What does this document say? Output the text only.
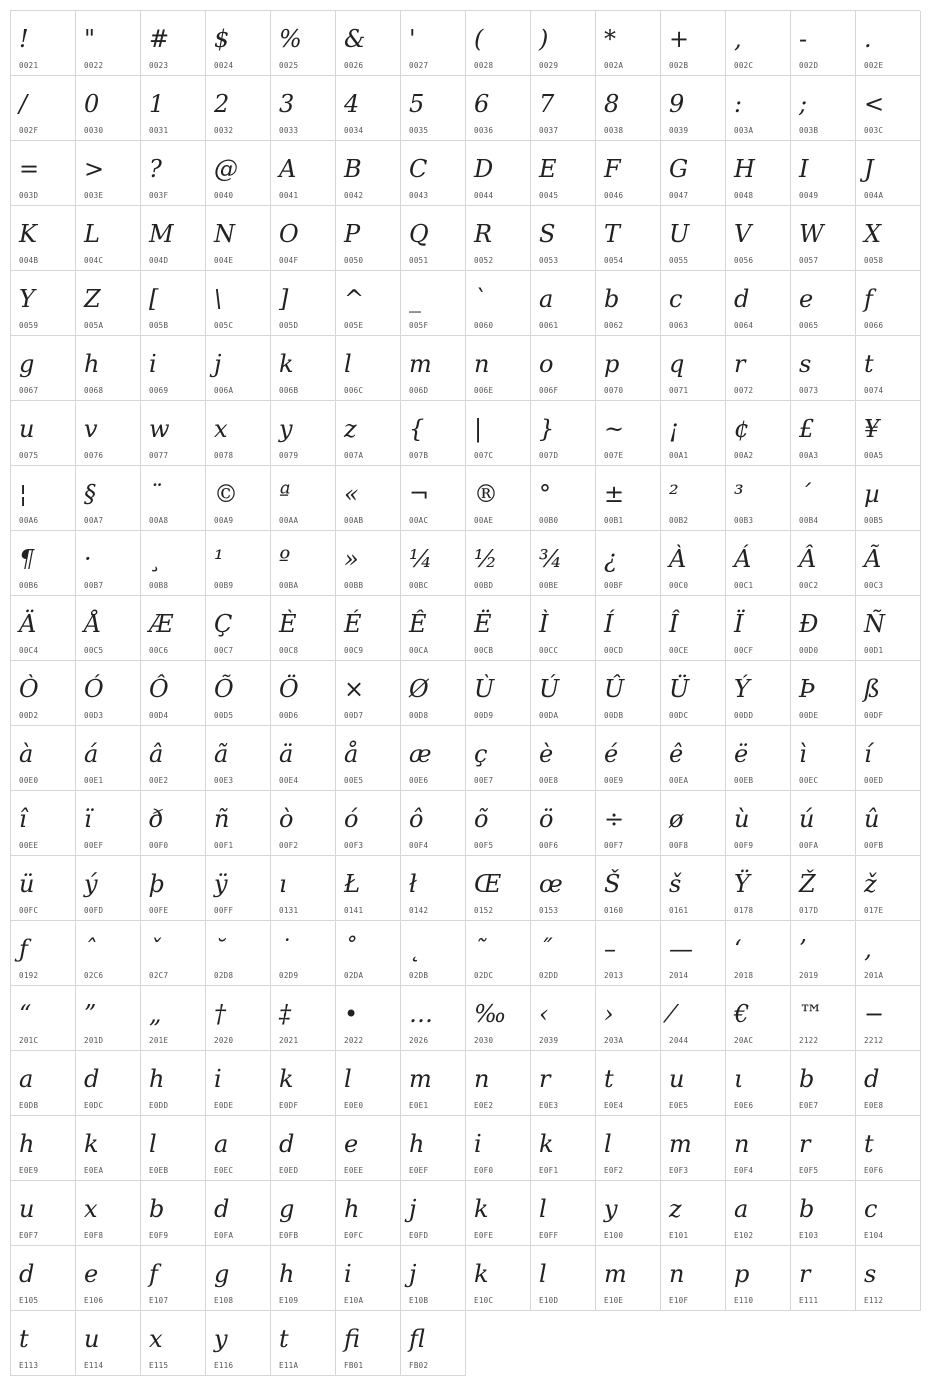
!
0021
"
0022
#
0023
$
0024
%
0025
&
0026
'
0027
(
0028
)
0029
*
002A
+
002B
,
002C
-
002D
.
002E
/
002F
0
0030
1
0031
2
0032
3
0033
4
0034
5
0035
6
0036
7
0037
8
0038
9
0039
:
003A
;
003B
<
003C
=
003D
>
003E
?
003F
@
0040
A
0041
B
0042
C
0043
D
0044
E
0045
F
0046
G
0047
H
0048
I
0049
J
004A
K
004B
L
004C
M
004D
N
004E
O
004F
P
0050
Q
0051
R
0052
S
0053
T
0054
U
0055
V
0056
W
0057
X
0058
Y
0059
Z
005A
[
005B
\
005C
]
005D
^
005E
_
005F
`
0060
a
0061
b
0062
c
0063
d
0064
e
0065
f
0066
g
0067
h
0068
i
0069
j
006A
k
006B
l
006C
m
006D
n
006E
o
006F
p
0070
q
0071
r
0072
s
0073
t
0074
u
0075
v
0076
w
0077
x
0078
y
0079
z
007A
{
007B
|
007C
}
007D
~
007E
¡
00A1
¢
00A2
£
00A3
¥
00A5
¦
00A6
§
00A7
¨
00A8
©
00A9
ª
00AA
«
00AB
¬
00AC
®
00AE
°
00B0
±
00B1
²
00B2
³
00B3
´
00B4
µ
00B5
¶
00B6
·
00B7
¸
00B8
¹
00B9
º
00BA
»
00BB
¼
00BC
½
00BD
¾
00BE
¿
00BF
À
00C0
Á
00C1
Â
00C2
Ã
00C3
Ä
00C4
Å
00C5
Æ
00C6
Ç
00C7
È
00C8
É
00C9
Ê
00CA
Ë
00CB
Ì
00CC
Í
00CD
Î
00CE
Ï
00CF
Ð
00D0
Ñ
00D1
Ò
00D2
Ó
00D3
Ô
00D4
Õ
00D5
Ö
00D6
×
00D7
Ø
00D8
Ù
00D9
Ú
00DA
Û
00DB
Ü
00DC
Ý
00DD
Þ
00DE
ß
00DF
à
00E0
á
00E1
â
00E2
ã
00E3
ä
00E4
å
00E5
æ
00E6
ç
00E7
è
00E8
é
00E9
ê
00EA
ë
00EB
ì
00EC
í
00ED
î
00EE
ï
00EF
ð
00F0
ñ
00F1
ò
00F2
ó
00F3
ô
00F4
õ
00F5
ö
00F6
÷
00F7
ø
00F8
ù
00F9
ú
00FA
û
00FB
ü
00FC
ý
00FD
þ
00FE
ÿ
00FF
ı
0131
Ł
0141
ł
0142
Œ
0152
œ
0153
Š
0160
š
0161
Ÿ
0178
Ž
017D
ž
017E
ƒ
0192
ˆ
02C6
ˇ
02C7
˘
02D8
˙
02D9
˚
02DA
˛
02DB
˜
02DC
˝
02DD
–
2013
—
2014
‘
2018
’
2019
‚
201A
“
201C
”
201D
„
201E
†
2020
‡
2021
•
2022
…
2026
‰
2030
‹
2039
›
203A
⁄
2044
€
20AC
™
2122
−
2212
a
E0DB
d
E0DC
h
E0DD
i
E0DE
k
E0DF
l
E0E0
m
E0E1
n
E0E2
r
E0E3
t
E0E4
u
E0E5
ι
E0E6
b
E0E7
d
E0E8
h
E0E9
k
E0EA
l
E0EB
a
E0EC
d
E0ED
e
E0EE
h
E0EF
i
E0F0
k
E0F1
l
E0F2
m
E0F3
n
E0F4
r
E0F5
t
E0F6
u
E0F7
x
E0F8
b
E0F9
d
E0FA
g
E0FB
h
E0FC
j
E0FD
k
E0FE
l
E0FF
y
E100
z
E101
a
E102
b
E103
c
E104
d
E105
e
E106
f
E107
g
E108
h
E109
i
E10A
j
E10B
k
E10C
l
E10D
m
E10E
n
E10F
p
E110
r
E111
s
E112
t
E113
u
E114
x
E115
y
E116
t
E11A
fi
FB01
fl
FB02
